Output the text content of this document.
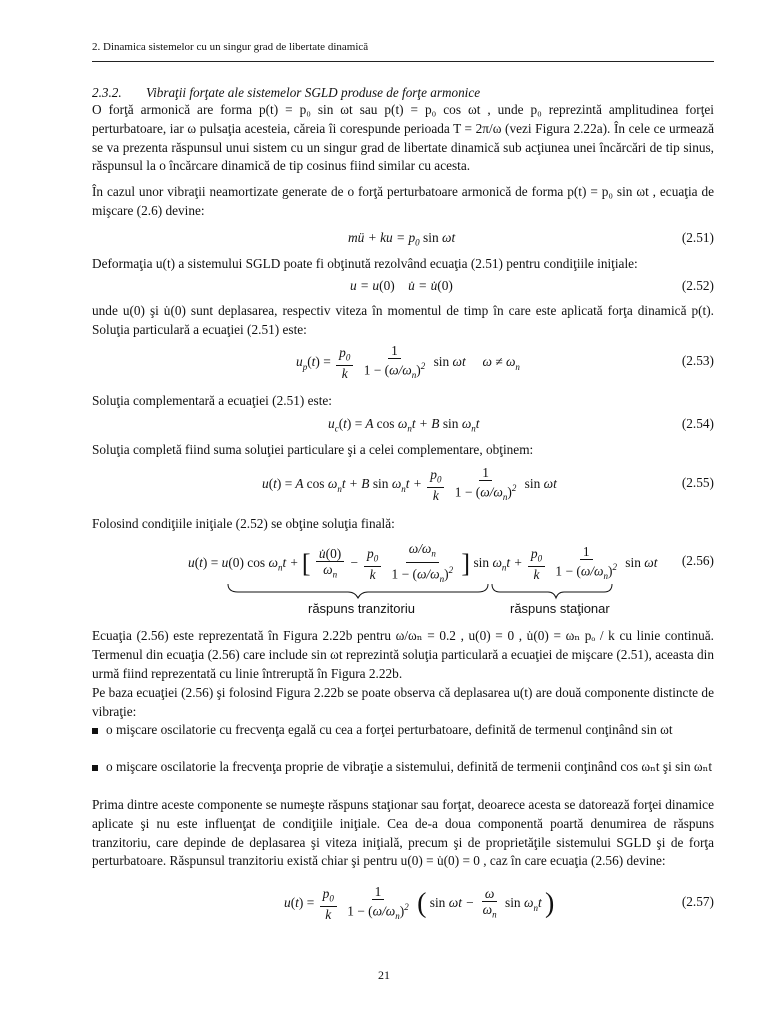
2. Dinamica sistemelor cu un singur grad de libertate dinamică
2.3.2. Vibraţii forţate ale sistemelor SGLD produse de forţe armonice
O forţă armonică are forma p(t) = p₀ sin ωt sau p(t) = p₀ cos ωt , unde p₀ reprezintă amplitudinea forţei perturbatoare, iar ω pulsaţia acesteia, căreia îi corespunde perioada T = 2π/ω (vezi Figura 2.22a). În cele ce urmează se va prezenta răspunsul unui sistem cu un singur grad de libertate dinamică sub acţiunea unei încărcări de tip sinus, răspunsul la o încărcare dinamică de tip cosinus fiind similar cu acesta.
În cazul unor vibraţii neamortizate generate de o forţă perturbatoare armonică de forma p(t) = p₀ sin ωt , ecuaţia de mişcare (2.6) devine:
mü + ku = $p_0$ sin ωt	(2.51)
Deformaţia u(t) a sistemului SGLD poate fi obţinută rezolvând ecuaţia (2.51) pentru condiţiile iniţiale:
u = u(0)    u̇ = u̇(0)	(2.52)
unde u(0) şi u̇(0) sunt deplasarea, respectiv viteza în momentul de timp în care este aplicată forţa dinamică p(t). Soluţia particulară a ecuaţiei (2.51) este:
$u_p(t) = \frac{p_0}{k}$
$\frac{1}{1 - (\omega/\omega_n)^2}$ sin ωt     $\omega \ne \omega_n$	(2.53)
Soluţia complementară a ecuaţiei (2.51) este:
$u_c(t) = A$ $\cos \omega_nt + B$ $\sin \omega_nt$	(2.54)
Soluţia completă fiind suma soluţiei particulare şi a celei complementare, obţinem:
u(t) = A $\cos \omega_nt + B$ $\sin \omega_nt + \frac{p_0}{k}$
$\frac{1}{1 - (\omega/\omega_n)^2}$ sin ωt	(2.55)
Folosind condiţiile iniţiale (2.52) se obţine soluţia finală:
u(t) = u(0) $\cos \omega_nt$ + [ $\frac{u̇(0)}{\omega_n} - \frac{p_0}{k}$
$\frac{\omega/\omega_n}{1 - (\omega/\omega_n)^2}$ ] $\sin \omega_nt + \frac{p_0}{k}$
$\frac{1}{1 - (\omega/\omega_n)^2}$ sin ωt	(2.56)
răspuns tranzitoriu	răspuns staţionar
Ecuaţia (2.56) este reprezentată în Figura 2.22b pentru ω/ωₙ = 0.2 , u(0) = 0 , u̇(0) = ωₙ pₒ / k cu linie continuă. Termenul din ecuaţia (2.56) care include sin ωt reprezintă soluţia particulară a ecuaţiei de mişcare (2.51), aceasta din urmă fiind reprezentată cu linie întreruptă în Figura 2.22b.
Pe baza ecuaţiei (2.56) şi folosind Figura 2.22b se poate observa că deplasarea u(t) are două componente distincte de vibraţie:
o mişcare oscilatorie cu frecvenţa egală cu cea a forţei perturbatoare, definită de termenul conţinând sin ωt
o mişcare oscilatorie la frecvenţa proprie de vibraţie a sistemului, definită de termenii conţinând cos ωₙt şi sin ωₙt
Prima dintre aceste componente se numeşte răspuns staţionar sau forţat, deoarece acesta se datorează forţei dinamice aplicate şi nu este influenţat de condiţiile iniţiale. Cea de-a doua componentă poartă denumirea de răspuns tranzitoriu, care depinde de deplasarea şi viteza iniţială, precum şi de proprietăţile sistemului SGLD şi de forţa perturbatoare. Răspunsul tranzitoriu există chiar şi pentru u(0) = u̇(0) = 0 , caz în care ecuaţia (2.56) devine:
$u(t) = \frac{p_0}{k}$
$\frac{1}{1 - (\omega/\omega_n)^2}$ ( $\sin \omega t - \frac{\omega}{\omega_n}$ $\sin \omega_nt$ )	(2.57)
21
